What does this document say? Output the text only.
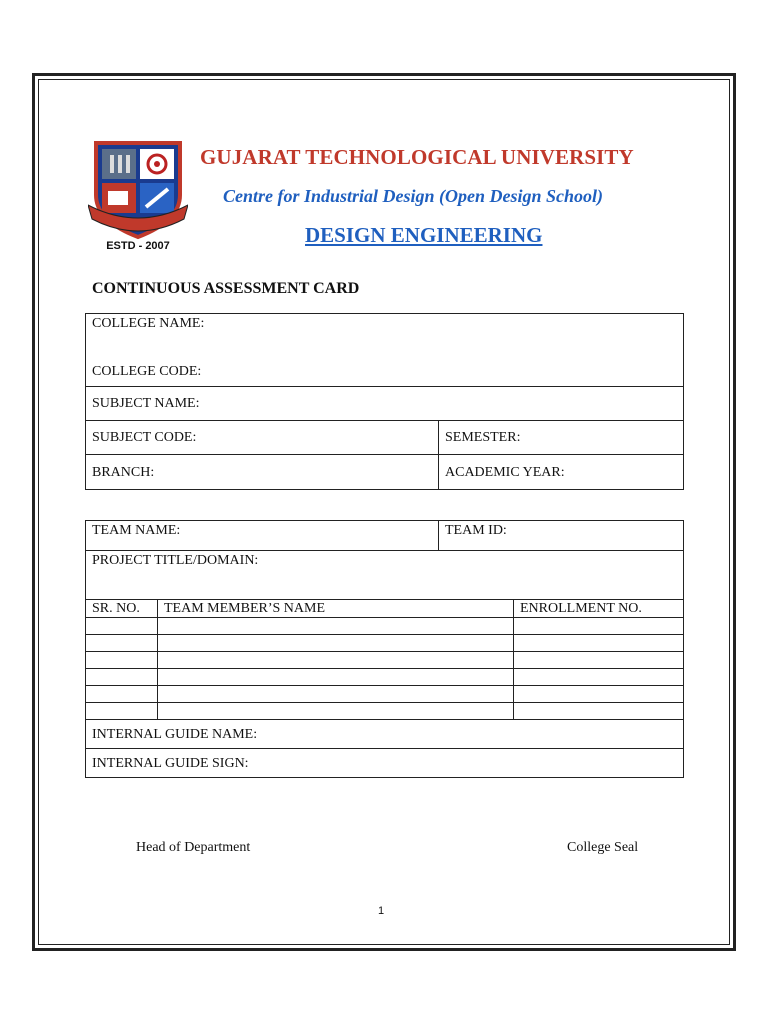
ESTD - 2007
GUJARAT TECHNOLOGICAL UNIVERSITY
Centre for Industrial Design (Open Design School)
DESIGN ENGINEERING
CONTINUOUS ASSESSMENT CARD
COLLEGE NAME:
COLLEGE CODE:	

SUBJECT NAME:	
SUBJECT CODE:	SEMESTER:
BRANCH:	ACADEMIC YEAR:
TEAM NAME:		TEAM ID:	
PROJECT TITLE/DOMAIN:			
SR. NO.	TEAM MEMBER’S NAME		ENROLLMENT NO.

INTERNAL GUIDE NAME:			
INTERNAL GUIDE SIGN:			
Head of Department	College Seal
1
